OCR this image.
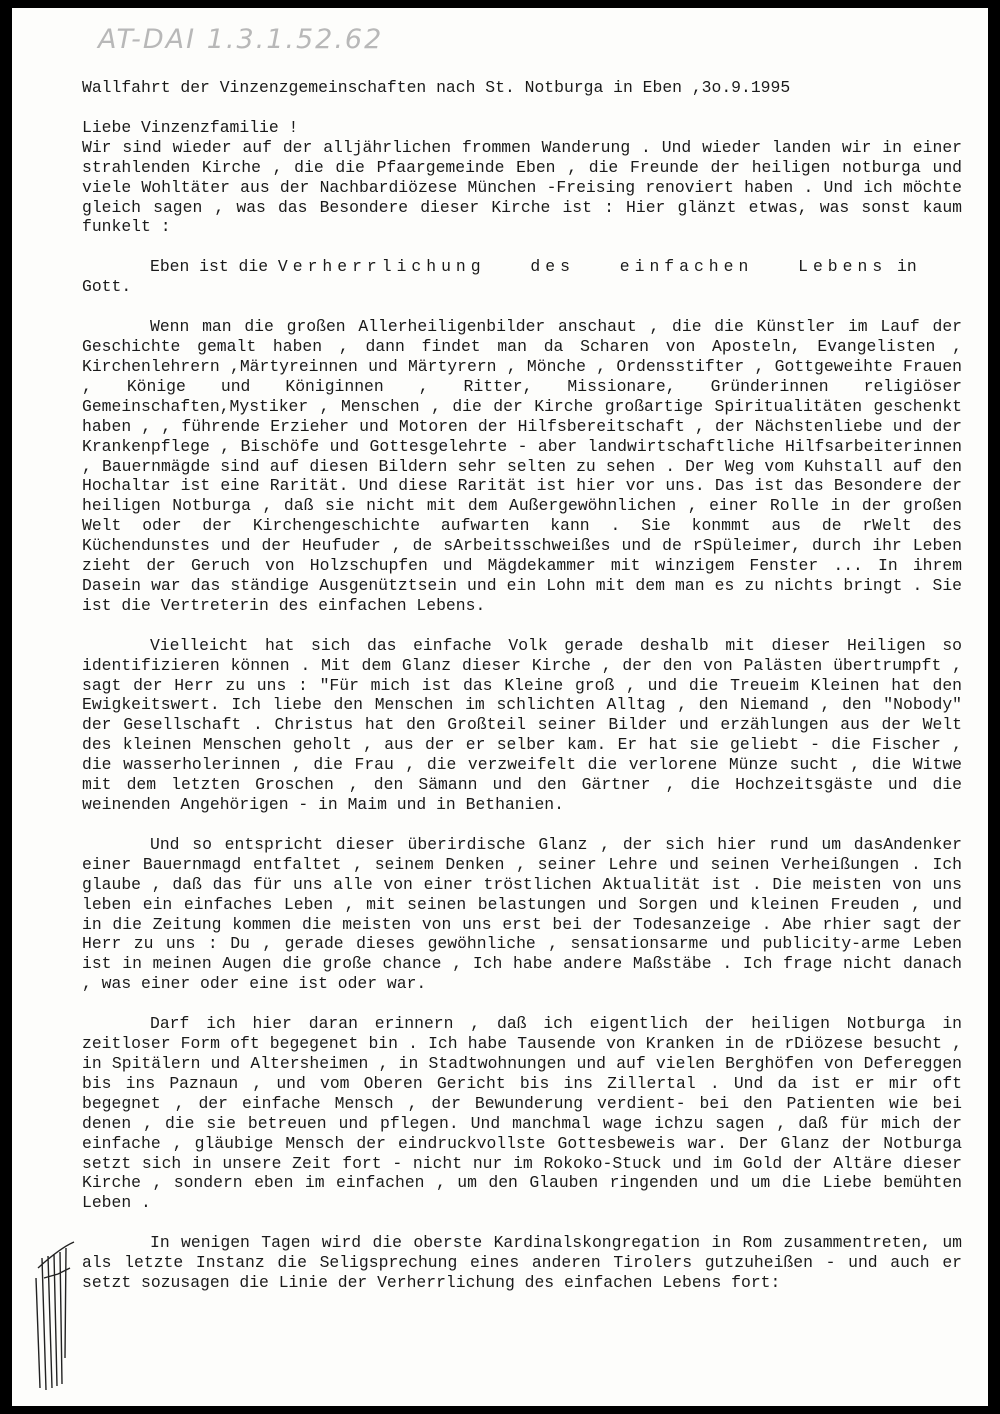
AT-DAI 1.3.1.52.62

Wallfahrt der Vinzenzgemeinschaften nach St. Notburga in Eben ,3o.9.1995

Liebe Vinzenzfamilie !

Wir sind wieder auf der alljährlichen frommen Wanderung . Und wieder landen wir in einer strahlenden Kirche , die die Pfaargemeinde Eben , die Freunde der heiligen notburga und viele Wohltäter aus der Nachbardiözese München -Freising renoviert haben . Und ich möchte gleich sagen , was das Besondere dieser Kirche ist : Hier glänzt etwas, was sonst kaum funkelt :

Eben ist die Verherrlichung des einfachen Lebens in Gott.

Wenn man die großen Allerheiligenbilder anschaut , die die Künstler im Lauf der Geschichte gemalt haben , dann findet man da Scharen von Aposteln, Evangelisten , Kirchenlehrern ,Märtyreinnen und Märtyrern , Mönche , Ordensstifter , Gottgeweihte Frauen , Könige und Königinnen , Ritter, Missionare, Gründerinnen religiöser Gemeinschaften,Mystiker , Menschen , die der Kirche großartige Spiritualitäten geschenkt haben , , führende Erzieher und Motoren der Hilfsbereitschaft , der Nächstenliebe und der Krankenpflege , Bischöfe und Gottesgelehrte - aber landwirtschaftliche Hilfsarbeiterinnen , Bauernmägde sind auf diesen Bildern sehr selten zu sehen . Der Weg vom Kuhstall auf den Hochaltar ist eine Rarität. Und diese Rarität ist hier vor uns. Das ist das Besondere der heiligen Notburga , daß sie nicht mit dem Außergewöhnlichen , einer Rolle in der großen Welt oder der Kirchengeschichte aufwarten kann . Sie konmmt aus de rWelt des Küchendunstes und der Heufuder , de sArbeitsschweißes und de rSpüleimer, durch ihr Leben zieht der Geruch von Holzschupfen und Mägdekammer mit winzigem Fenster ... In ihrem Dasein war das ständige Ausgenütztsein und ein Lohn mit dem man es zu nichts bringt . Sie ist die Vertreterin des einfachen Lebens.

Vielleicht hat sich das einfache Volk gerade deshalb mit dieser Heiligen so identifizieren können . Mit dem Glanz dieser Kirche , der den von Palästen übertrumpft , sagt der Herr zu uns : "Für mich ist das Kleine groß , und die Treueim Kleinen hat den Ewigkeitswert. Ich liebe den Menschen im schlichten Alltag , den Niemand , den "Nobody" der Gesellschaft . Christus hat den Großteil seiner Bilder und erzählungen aus der Welt des kleinen Menschen geholt , aus der er selber kam. Er hat sie geliebt - die Fischer , die wasserholerinnen , die Frau , die verzweifelt die verlorene Münze sucht , die Witwe mit dem letzten Groschen , den Sämann und den Gärtner , die Hochzeitsgäste und die weinenden Angehörigen - in Maim und in Bethanien.

Und so entspricht dieser überirdische Glanz , der sich hier rund um dasAndenker einer Bauernmagd entfaltet , seinem Denken , seiner Lehre und seinen Verheißungen . Ich glaube , daß das für uns alle von einer tröstlichen Aktualität ist . Die meisten von uns leben ein einfaches Leben , mit seinen belastungen und Sorgen und kleinen Freuden , und in die Zeitung kommen die meisten von uns erst bei der Todesanzeige . Abe rhier sagt der Herr zu uns : Du , gerade dieses gewöhnliche , sensationsarme und publicity-arme Leben ist in meinen Augen die große chance , Ich habe andere Maßstäbe . Ich frage nicht danach , was einer oder eine ist oder war.

Darf ich hier daran erinnern , daß ich eigentlich der heiligen Notburga in zeitloser Form oft begegenet bin . Ich habe Tausende von Kranken in de rDiözese besucht , in Spitälern und Altersheimen , in Stadtwohnungen und auf vielen Berghöfen von Defereggen bis ins Paznaun , und vom Oberen Gericht bis ins Zillertal . Und da ist er mir oft begegnet , der einfache Mensch , der Bewunderung verdient- bei den Patienten wie bei denen , die sie betreuen und pflegen. Und manchmal wage ichzu sagen , daß für mich der einfache , gläubige Mensch der eindruckvollste Gottesbeweis war. Der Glanz der Notburga setzt sich in unsere Zeit fort - nicht nur im Rokoko-Stuck und im Gold der Altäre dieser Kirche , sondern eben im einfachen , um den Glauben ringenden und um die Liebe bemühten Leben .

In wenigen Tagen wird die oberste Kardinalskongregation in Rom zusammentreten, um als letzte Instanz die Seligsprechung eines anderen Tirolers gutzuheißen - und auch er setzt sozusagen die Linie der Verherrlichung des einfachen Lebens fort:
